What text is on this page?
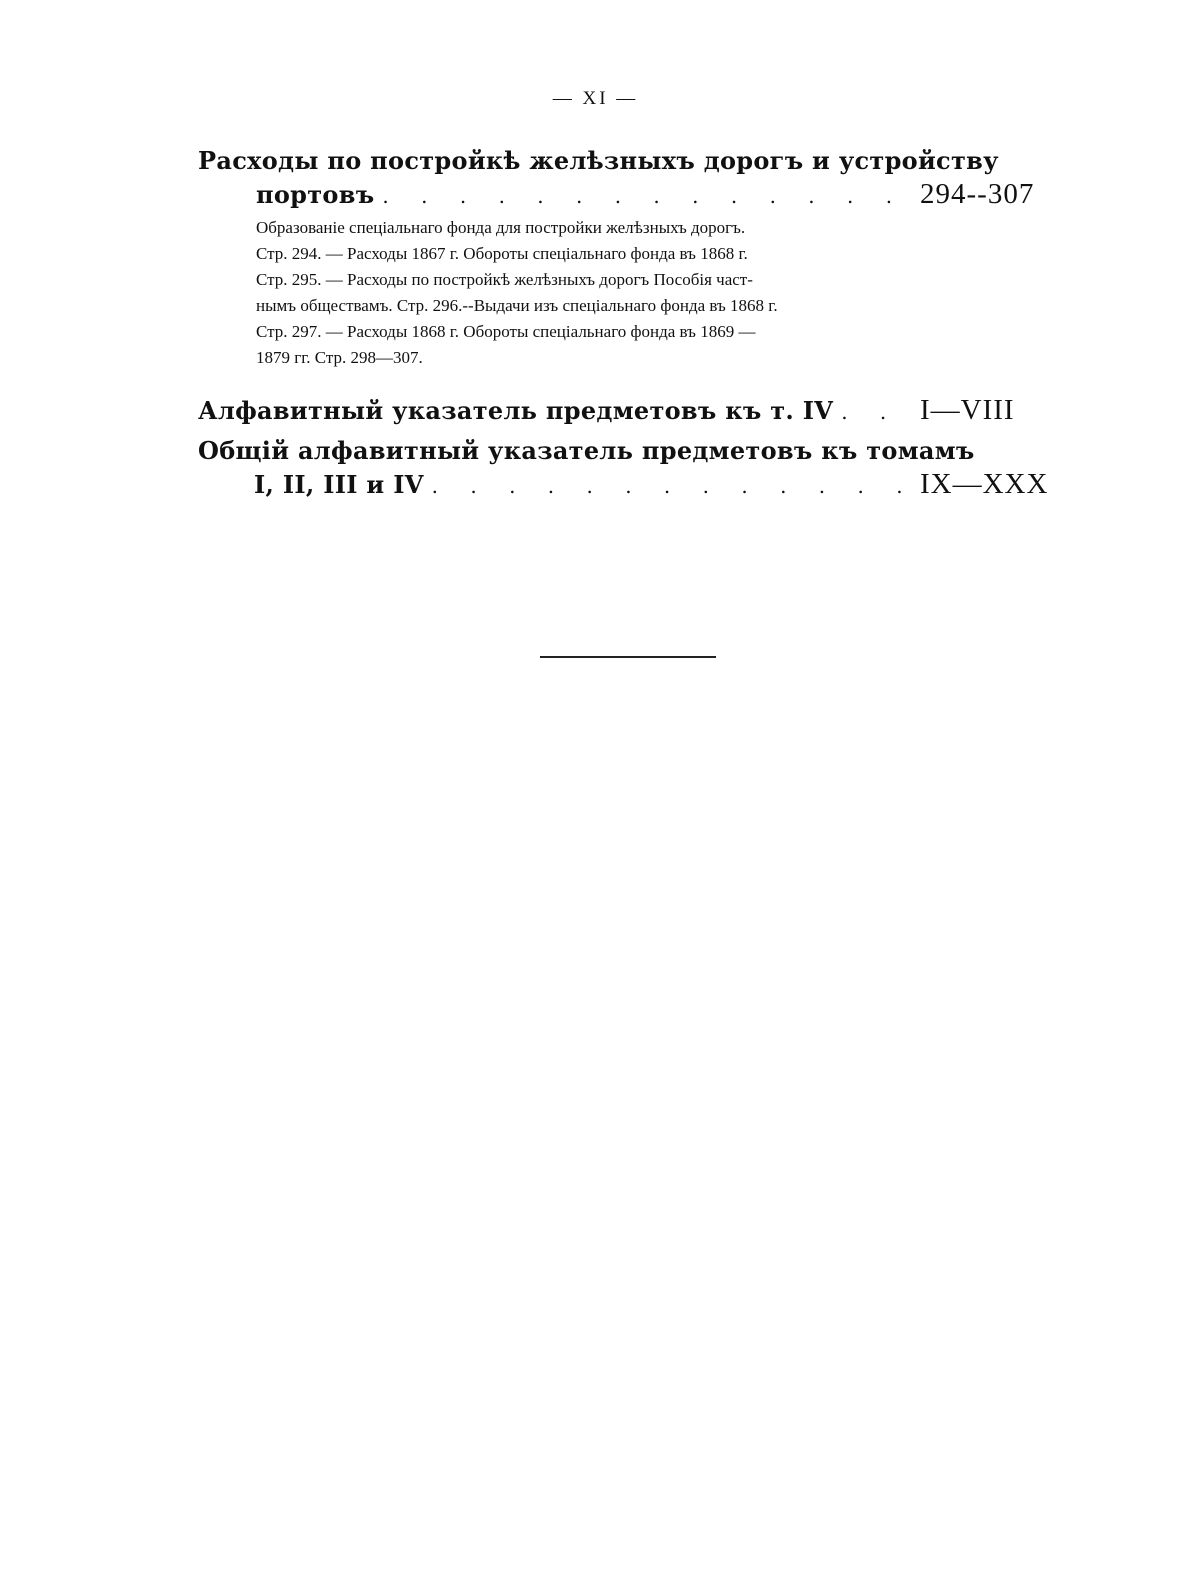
— XI —
Расходы по постройкѣ желѣзныхъ дорогъ и устройству
портовъ . . .	294--307
Образованіе спеціальнаго фонда для постройки желѣзныхъ дорогъ.
Стр. 294. — Расходы 1867 г. Обороты спеціальнаго фонда въ 1868 г.
Стр. 295. — Расходы по постройкѣ желѣзныхъ дорогъ Пособія част-
нымъ обществамъ. Стр. 296.--Выдачи изъ спеціальнаго фонда въ 1868 г.
Стр. 297. — Расходы 1868 г. Обороты спеціальнаго фонда въ 1869 —
1879 гг. Стр. 298—307.
Алфавитный указатель предметовъ къ т. IV . . .	I—VIII
Общій алфавитный указатель предметовъ къ томамъ
I, II, III и IV . . .	IX—XXX
